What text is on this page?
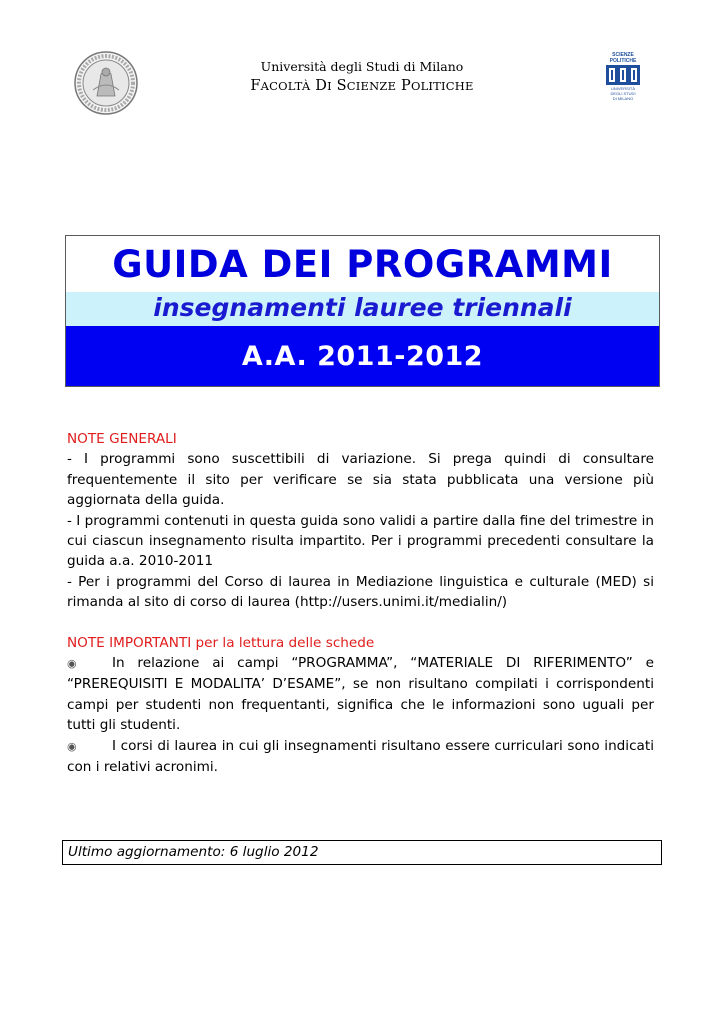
SCIENZE
POLITICHE
UNIVERSITÀ
DEGLI STUDI
DI MILANO
Università degli Studi di Milano
FACOLTÀ DI SCIENZE POLITICHE
GUIDA DEI PROGRAMMI
insegnamenti lauree triennali
A.A. 2011-2012
NOTE GENERALI
- I programmi sono suscettibili di variazione. Si prega quindi di consultare frequentemente il sito per verificare se sia stata pubblicata una versione più aggiornata della guida.
- I programmi contenuti in questa guida sono validi a partire dalla fine del trimestre in cui ciascun insegnamento risulta impartito. Per i programmi precedenti consultare la guida a.a. 2010-2011
- Per i programmi del Corso di laurea in Mediazione linguistica e culturale (MED) si rimanda al sito di corso di laurea (http://users.unimi.it/medialin/)
NOTE IMPORTANTI per la lettura delle schede
◉	In relazione ai campi “PROGRAMMA”, “MATERIALE DI RIFERIMENTO” e “PREREQUISITI E MODALITA’ D’ESAME”, se non risultano compilati i corrispondenti campi per studenti non frequentanti, significa che le informazioni sono uguali per tutti gli studenti.
◉	I corsi di laurea in cui gli insegnamenti risultano essere curriculari sono indicati con i relativi acronimi.
Ultimo aggiornamento: 6 luglio 2012
